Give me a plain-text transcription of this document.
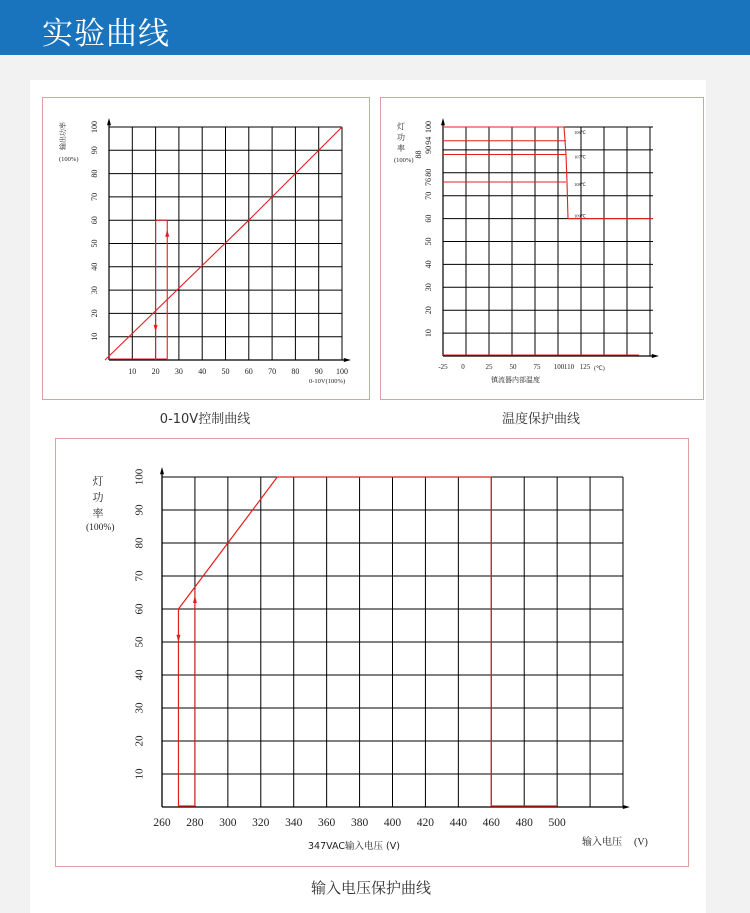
实验曲线
10
20
30
40
50
60
70
80
90
100
10 20 30 40 50 60 70 80 90 100
输出功率
(100%)
0-10V(100%)
0-10V控制曲线
10
20
30
40
50
60
70
76
80
88
90
94
100
-25 0	25 50 75 100 110 125
灯
功
率
(100%)
镇流器内部温度
(℃)
106℃
107℃
108℃
109℃
温度保护曲线
10
20
30
40
50
60
70
80
90
100
260 280 300 320 340 360 380 400 420 440 460 480 500
灯
功
率
(100%)
输入电压 (V)
347VAC输入电压 (V)
输入电压保护曲线
